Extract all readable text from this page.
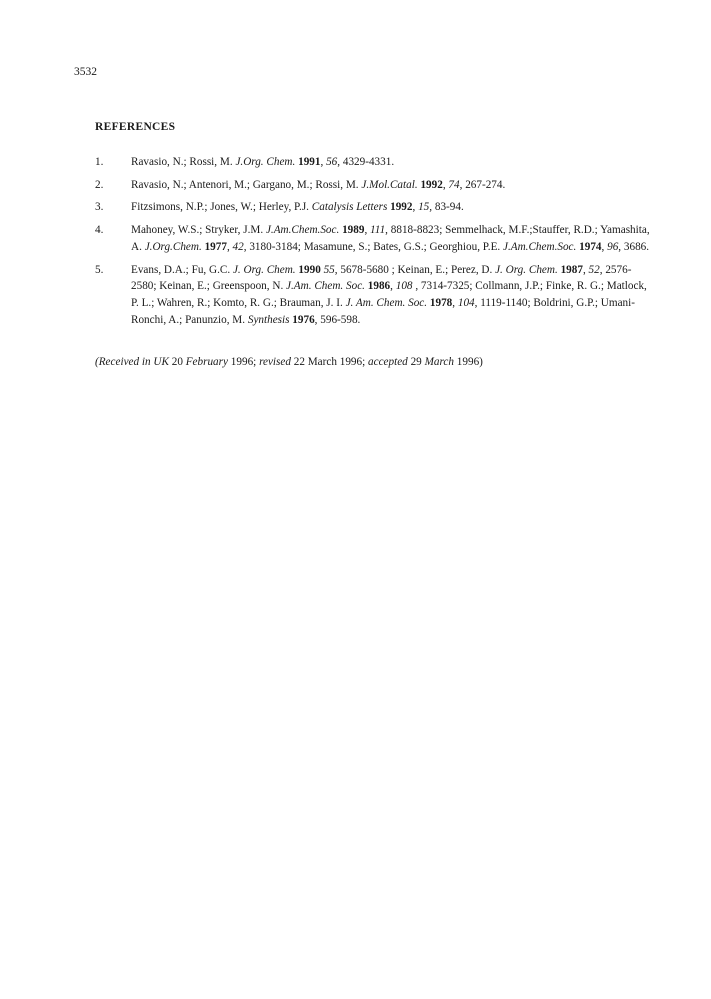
3532
REFERENCES
1.	Ravasio, N.; Rossi, M. J.Org. Chem. 1991, 56, 4329-4331.
2.	Ravasio, N.; Antenori, M.; Gargano, M.; Rossi, M. J.Mol.Catal. 1992, 74, 267-274.
3.	Fitzsimons, N.P.; Jones, W.; Herley, P.J. Catalysis Letters 1992, 15, 83-94.
4.	Mahoney, W.S.; Stryker, J.M. J.Am.Chem.Soc. 1989, 111, 8818-8823; Semmelhack, M.F.;Stauffer, R.D.; Yamashita, A. J.Org.Chem. 1977, 42, 3180-3184; Masamune, S.; Bates, G.S.; Georghiou, P.E. J.Am.Chem.Soc. 1974, 96, 3686.
5.	Evans, D.A.; Fu, G.C. J. Org. Chem. 1990 55, 5678-5680 ; Keinan, E.; Perez, D. J. Org. Chem. 1987, 52, 2576-2580; Keinan, E.; Greenspoon, N. J.Am. Chem. Soc. 1986, 108 , 7314-7325; Collmann, J.P.; Finke, R. G.; Matlock, P. L.; Wahren, R.; Komto, R. G.; Brauman, J. I. J. Am. Chem. Soc. 1978, 104, 1119-1140; Boldrini, G.P.; Umani-Ronchi, A.; Panunzio, M. Synthesis 1976, 596-598.
(Received in UK 20 February 1996; revised 22 March 1996; accepted 29 March 1996)
